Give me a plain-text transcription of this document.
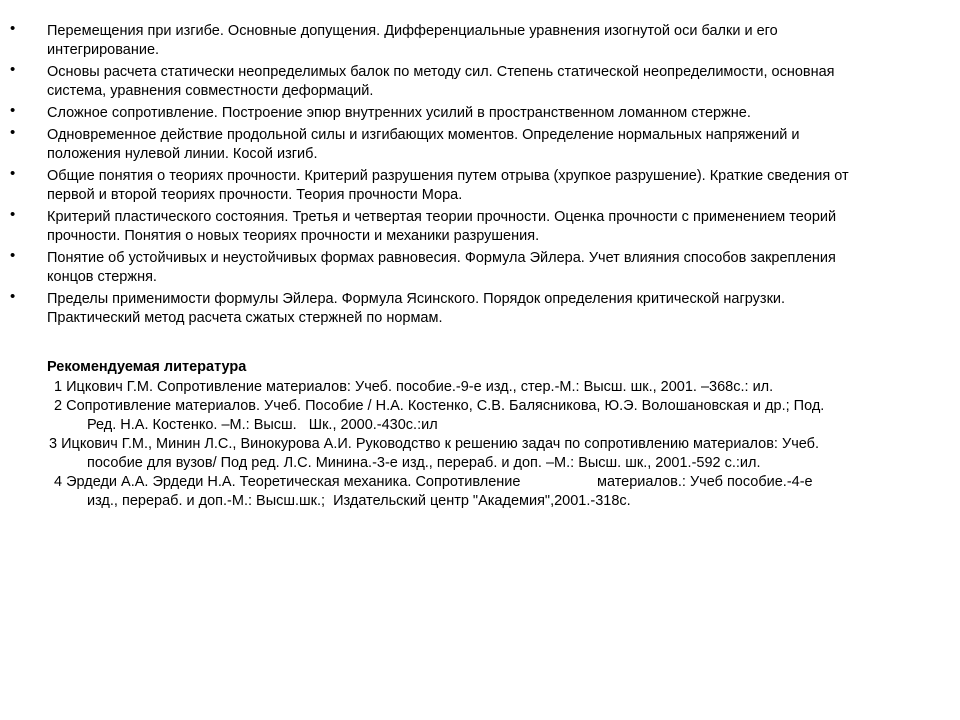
• Перемещения при изгибе. Основные допущения. Дифференциальные уравнения изогнутой оси балки и его
интегрирование.
• Основы расчета статически неопределимых балок по методу сил. Степень статической неопределимости, основная
система, уравнения совместности деформаций.
• Сложное сопротивление. Построение эпюр внутренних усилий в пространственном ломанном стержне.
• Одновременное действие продольной силы и изгибающих моментов. Определение нормальных напряжений и
положения нулевой линии. Косой изгиб.
• Общие понятия о теориях прочности. Критерий разрушения путем отрыва (хрупкое разрушение). Краткие сведения от
первой и второй теориях прочности. Теория прочности Мора.
• Критерий пластического состояния. Третья и четвертая теории прочности. Оценка прочности с применением теорий
прочности. Понятия о новых теориях прочности и механики разрушения.
• Понятие об устойчивых и неустойчивых формах равновесия. Формула Эйлера. Учет влияния способов закрепления
концов стержня.
• Пределы применимости формулы Эйлера. Формула Ясинского. Порядок определения критической нагрузки.
Практический метод расчета сжатых стержней по нормам.
Рекомендуемая литература
1 Ицкович Г.М. Сопротивление материалов: Учеб. пособие.-9-е изд., стер.-М.: Высш. шк., 2001. –368с.: ил.
2 Сопротивление материалов. Учеб. Пособие / Н.А. Костенко, С.В. Балясникова, Ю.Э. Волошановская и др.; Под.
Ред. Н.А. Костенко. –М.: Высш.   Шк., 2000.-430с.:ил
3 Ицкович Г.М., Минин Л.С., Винокурова А.И. Руководство к решению задач по сопротивлению материалов: Учеб.
пособие для вузов/ Под ред. Л.С. Минина.-3-е изд., перераб. и доп. –М.: Высш. шк., 2001.-592 с.:ил.
4 Эрдеди А.А. Эрдеди Н.А. Теоретическая механика. Сопротивление                   материалов.: Учеб пособие.-4-е
изд., перераб. и доп.-М.: Высш.шк.;  Издательский центр "Академия",2001.-318с.
